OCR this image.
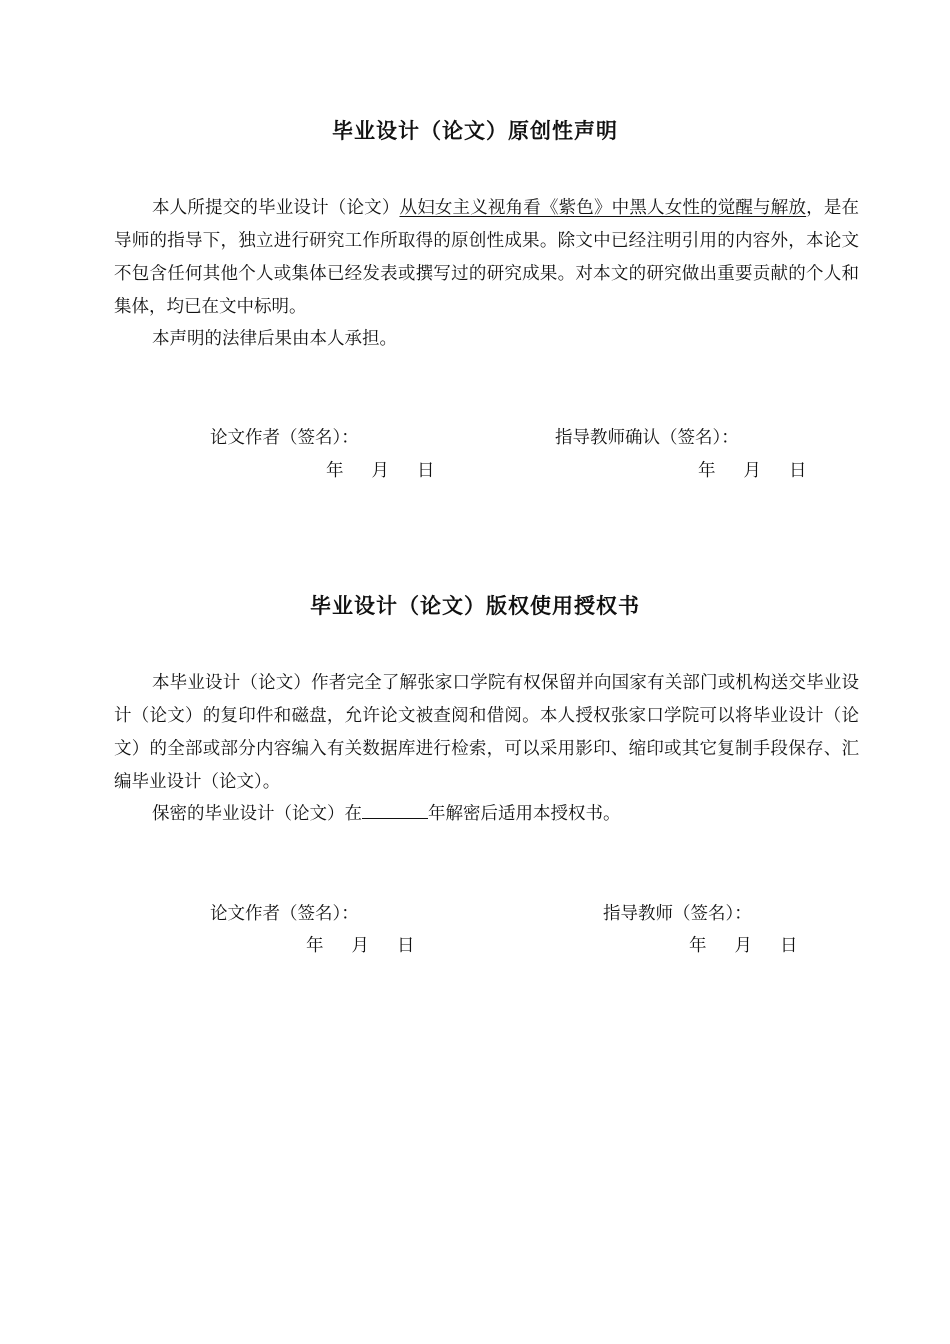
毕业设计（论文）原创性声明

本人所提交的毕业设计（论文）从妇女主义视角看《紫色》中黑人女性的觉醒与解放，是在导师的指导下，独立进行研究工作所取得的原创性成果。除文中已经注明引用的内容外，本论文不包含任何其他个人或集体已经发表或撰写过的研究成果。对本文的研究做出重要贡献的个人和集体，均已在文中标明。

本声明的法律后果由本人承担。

论文作者（签名）：	指导教师确认（签名）：

年 月 日	年 月 日

毕业设计（论文）版权使用授权书

本毕业设计（论文）作者完全了解张家口学院有权保留并向国家有关部门或机构送交毕业设计（论文）的复印件和磁盘，允许论文被查阅和借阅。本人授权张家口学院可以将毕业设计（论文）的全部或部分内容编入有关数据库进行检索，可以采用影印、缩印或其它复制手段保存、汇编毕业设计（论文）。

保密的毕业设计（论文）在	年解密后适用本授权书。

论文作者（签名）：	指导教师（签名）：

年 月 日	年 月 日
